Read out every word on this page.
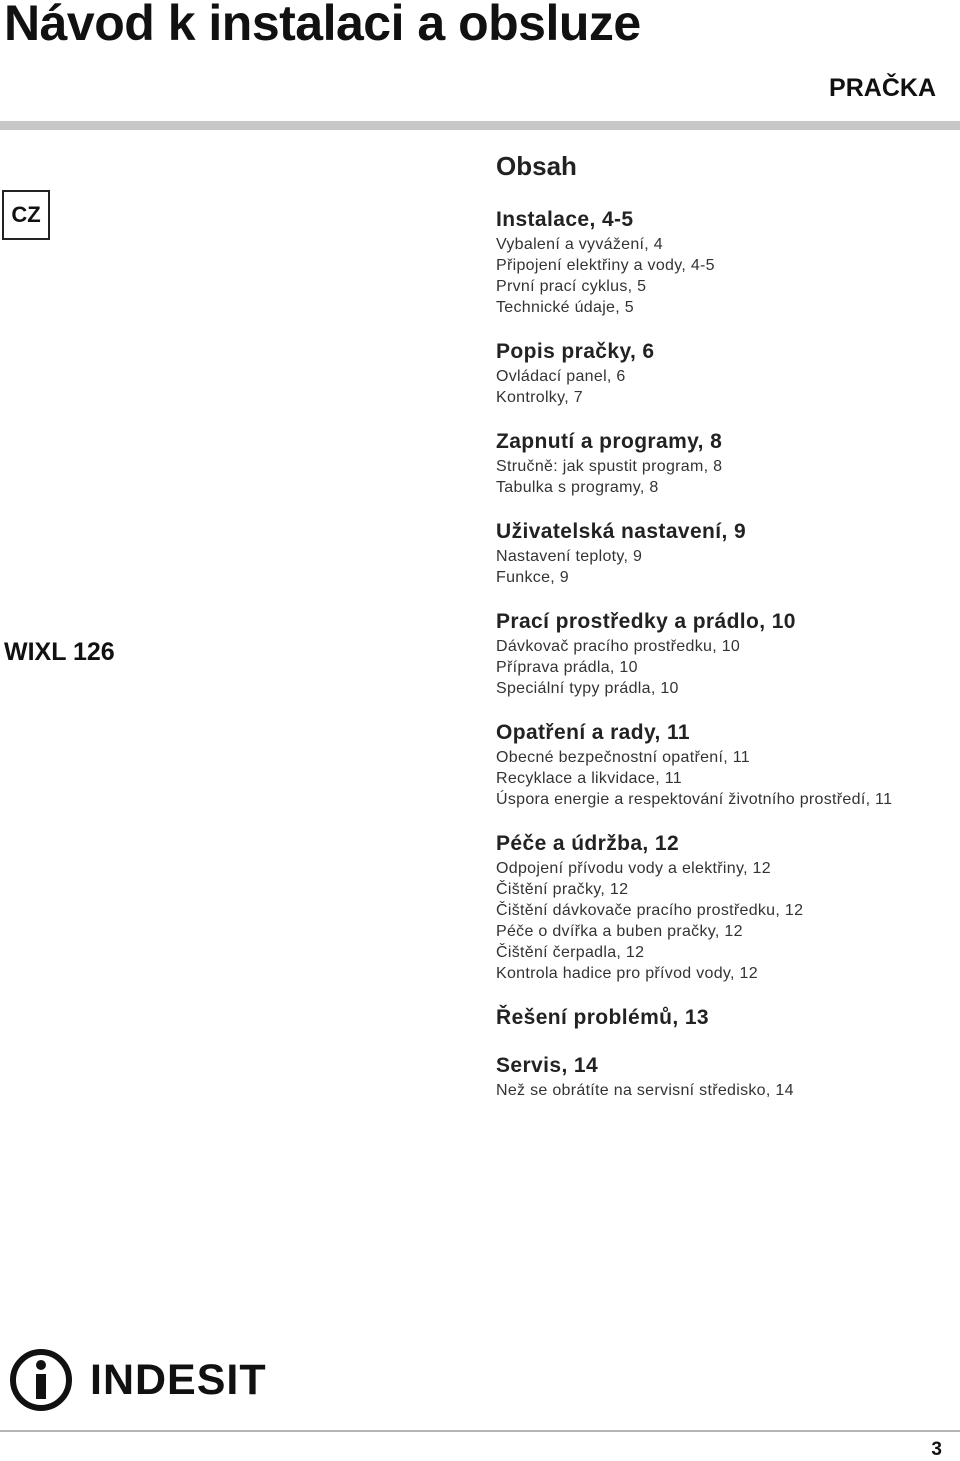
Návod k instalaci a obsluze
PRAČKA
CZ
WIXL 126
Obsah
Instalace, 4-5
Vybalení a vyvážení, 4
Připojení elektřiny a vody, 4-5
První prací cyklus, 5
Technické údaje, 5
Popis pračky, 6
Ovládací panel, 6
Kontrolky, 7
Zapnutí a programy, 8
Stručně: jak spustit program, 8
Tabulka s programy, 8
Uživatelská nastavení, 9
Nastavení teploty, 9
Funkce, 9
Prací prostředky a prádlo, 10
Dávkovač pracího prostředku, 10
Příprava prádla, 10
Speciální typy prádla, 10
Opatření a rady, 11
Obecné bezpečnostní opatření, 11
Recyklace a likvidace, 11
Úspora energie a respektování životního prostředí, 11
Péče a údržba, 12
Odpojení přívodu vody a elektřiny, 12
Čištění pračky, 12
Čištění dávkovače pracího prostředku, 12
Péče o dvířka a buben pračky, 12
Čištění čerpadla, 12
Kontrola hadice pro přívod vody, 12
Řešení problémů, 13
Servis, 14
Než se obrátíte na servisní středisko, 14
INDESIT
3
